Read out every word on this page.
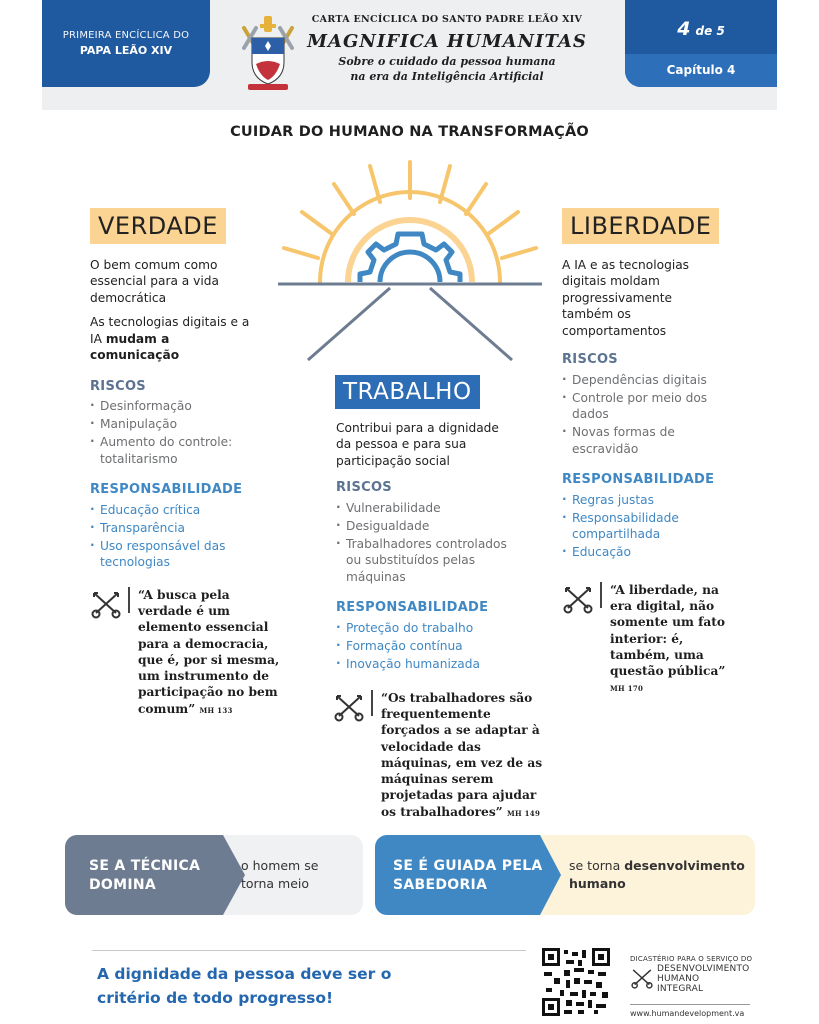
PRIMEIRA ENCÍCLICA DO
PAPA LEÃO XIV
CARTA ENCÍCLICA DO SANTO PADRE LEÃO XIV
MAGNIFICA HUMANITAS
Sobre o cuidado da pessoa humana
na era da Inteligência Artificial
4 de 5
Capítulo 4
CUIDAR DO HUMANO NA TRANSFORMAÇÃO
VERDADE

O bem comum como essencial para a vida democrática

As tecnologias digitais e a IA mudam a comunicação

RISCOS
· Desinformação
· Manipulação
· Aumento do controle: totalitarismo
RESPONSABILIDADE
· Educação crítica
· Transparência
· Uso responsável das tecnologias
“A busca pela verdade é um elemento essencial para a democracia, que é, por si mesma, um instrumento de participação no bem comum” MH 133
TRABALHO

Contribui para a dignidade da pessoa e para sua participação social

RISCOS
· Vulnerabilidade
· Desigualdade
· Trabalhadores controlados ou substituídos pelas máquinas
RESPONSABILIDADE
· Proteção do trabalho
· Formação contínua
· Inovação humanizada
“Os trabalhadores são frequentemente forçados a se adaptar à velocidade das máquinas, em vez de as máquinas serem projetadas para ajudar os trabalhadores” MH 149
LIBERDADE

A IA e as tecnologias digitais moldam progressivamente também os comportamentos

RISCOS
· Dependências digitais
· Controle por meio dos dados
· Novas formas de escravidão
RESPONSABILIDADE
· Regras justas
· Responsabilidade compartilhada
· Educação
“A liberdade, na era digital, não somente um fato interior: é, também, uma questão pública”
MH 170
SE A TÉCNICA DOMINA
o homem se torna meio
SE É GUIADA PELA SABEDORIA
se torna desenvolvimento humano
A dignidade da pessoa deve ser o
critério de todo progresso!
DICASTÉRIO PARA O SERVIÇO DO
DESENVOLVIMENTO
HUMANO
INTEGRAL
www.humandevelopment.va
